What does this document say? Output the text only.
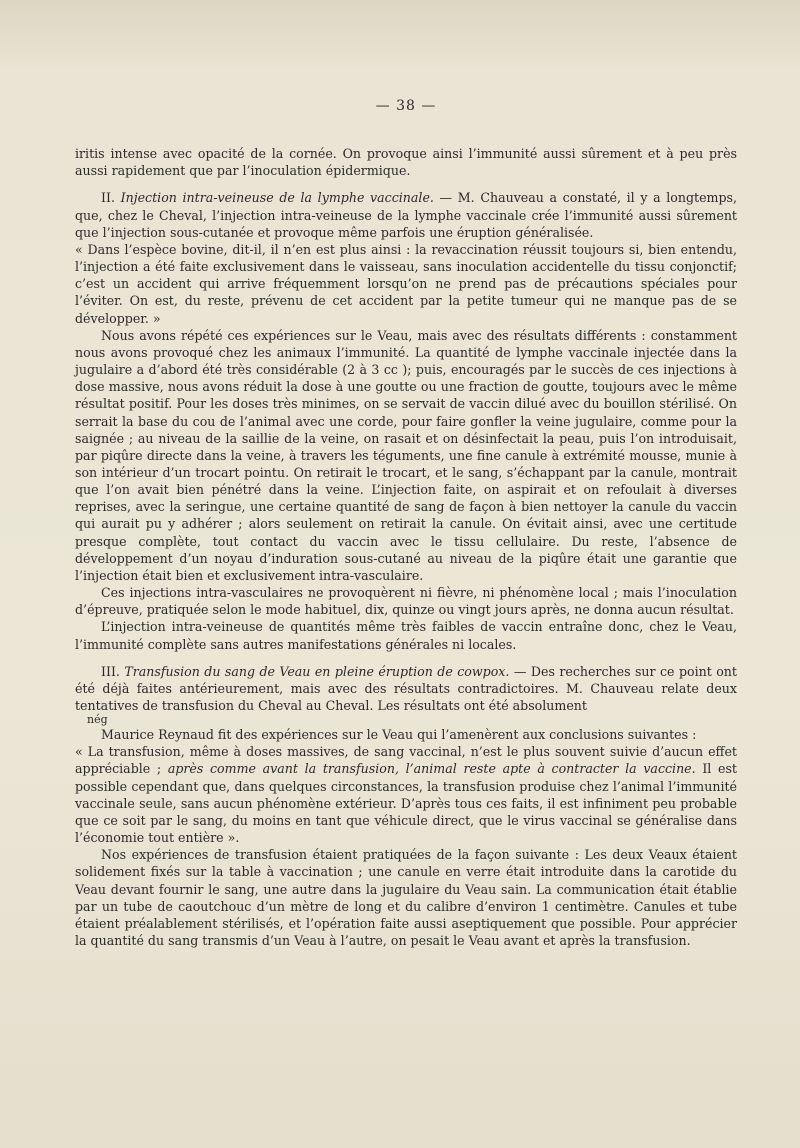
— 38 —

iritis intense avec opacité de la cornée. On provoque ainsi l’immunité aussi sûrement et à peu près aussi rapidement que par l’inoculation épidermique.

II. Injection intra-veineuse de la lymphe vaccinale. — M. Chauveau a constaté, il y a longtemps, que, chez le Cheval, l’injection intra-veineuse de la lymphe vaccinale crée l’immunité aussi sûrement que l’injection sous-cutanée et provoque même parfois une éruption généralisée.

« Dans l’espèce bovine, dit-il, il n’en est plus ainsi : la revaccination réussit toujours si, bien entendu, l’injection a été faite exclusivement dans le vaisseau, sans inoculation accidentelle du tissu conjonctif; c’est un accident qui arrive fréquemment lorsqu’on ne prend pas de précautions spéciales pour l’éviter. On est, du reste, prévenu de cet accident par la petite tumeur qui ne manque pas de se développer. »

Nous avons répété ces expériences sur le Veau, mais avec des résultats différents : constamment nous avons provoqué chez les animaux l’immunité. La quantité de lymphe vaccinale injectée dans la jugulaire a d’abord été très considérable (2 à 3 cc ); puis, encouragés par le succès de ces injections à dose massive, nous avons réduit la dose à une goutte ou une fraction de goutte, toujours avec le même résultat positif. Pour les doses très minimes, on se servait de vaccin dilué avec du bouillon stérilisé. On serrait la base du cou de l’animal avec une corde, pour faire gonfler la veine jugulaire, comme pour la saignée ; au niveau de la saillie de la veine, on rasait et on désinfectait la peau, puis l’on introduisait, par piqûre directe dans la veine, à travers les téguments, une fine canule à extrémité mousse, munie à son intérieur d’un trocart pointu. On retirait le trocart, et le sang, s’échappant par la canule, montrait que l’on avait bien pénétré dans la veine. L’injection faite, on aspirait et on refoulait à diverses reprises, avec la seringue, une certaine quantité de sang de façon à bien nettoyer la canule du vaccin qui aurait pu y adhérer ; alors seulement on retirait la canule. On évitait ainsi, avec une certitude presque complète, tout contact du vaccin avec le tissu cellulaire. Du reste, l’absence de développement d’un noyau d’induration sous-cutané au niveau de la piqûre était une garantie que l’injection était bien et exclusivement intra-vasculaire.

Ces injections intra-vasculaires ne provoquèrent ni fièvre, ni phénomène local ; mais l’inoculation d’épreuve, pratiquée selon le mode habituel, dix, quinze ou vingt jours après, ne donna aucun résultat.

L’injection intra-veineuse de quantités même très faibles de vaccin entraîne donc, chez le Veau, l’immunité complète sans autres manifestations générales ni locales.

III. Transfusion du sang de Veau en pleine éruption de cowpox. — Des recherches sur ce point ont été déjà faites antérieurement, mais avec des résultats contradictoires. M. Chauveau relate deux tentatives de transfusion du Cheval au Cheval. Les résultats ont été absolument

nég

Maurice Reynaud fit des expériences sur le Veau qui l’amenèrent aux conclusions suivantes :

« La transfusion, même à doses massives, de sang vaccinal, n’est le plus souvent suivie d’aucun effet appréciable ; après comme avant la transfusion, l’animal reste apte à contracter la vaccine. Il est possible cependant que, dans quelques circonstances, la transfusion produise chez l’animal l’immunité vaccinale seule, sans aucun phénomène extérieur. D’après tous ces faits, il est infiniment peu probable que ce soit par le sang, du moins en tant que véhicule direct, que le virus vaccinal se généralise dans l’économie tout entière ».

Nos expériences de transfusion étaient pratiquées de la façon suivante : Les deux Veaux étaient solidement fixés sur la table à vaccination ; une canule en verre était introduite dans la carotide du Veau devant fournir le sang, une autre dans la jugulaire du Veau sain. La communication était établie par un tube de caoutchouc d’un mètre de long et du calibre d’environ 1 centimètre. Canules et tube étaient préalablement stérilisés, et l’opération faite aussi aseptiquement que possible. Pour apprécier la quantité du sang transmis d’un Veau à l’autre, on pesait le Veau avant et après la transfusion.
